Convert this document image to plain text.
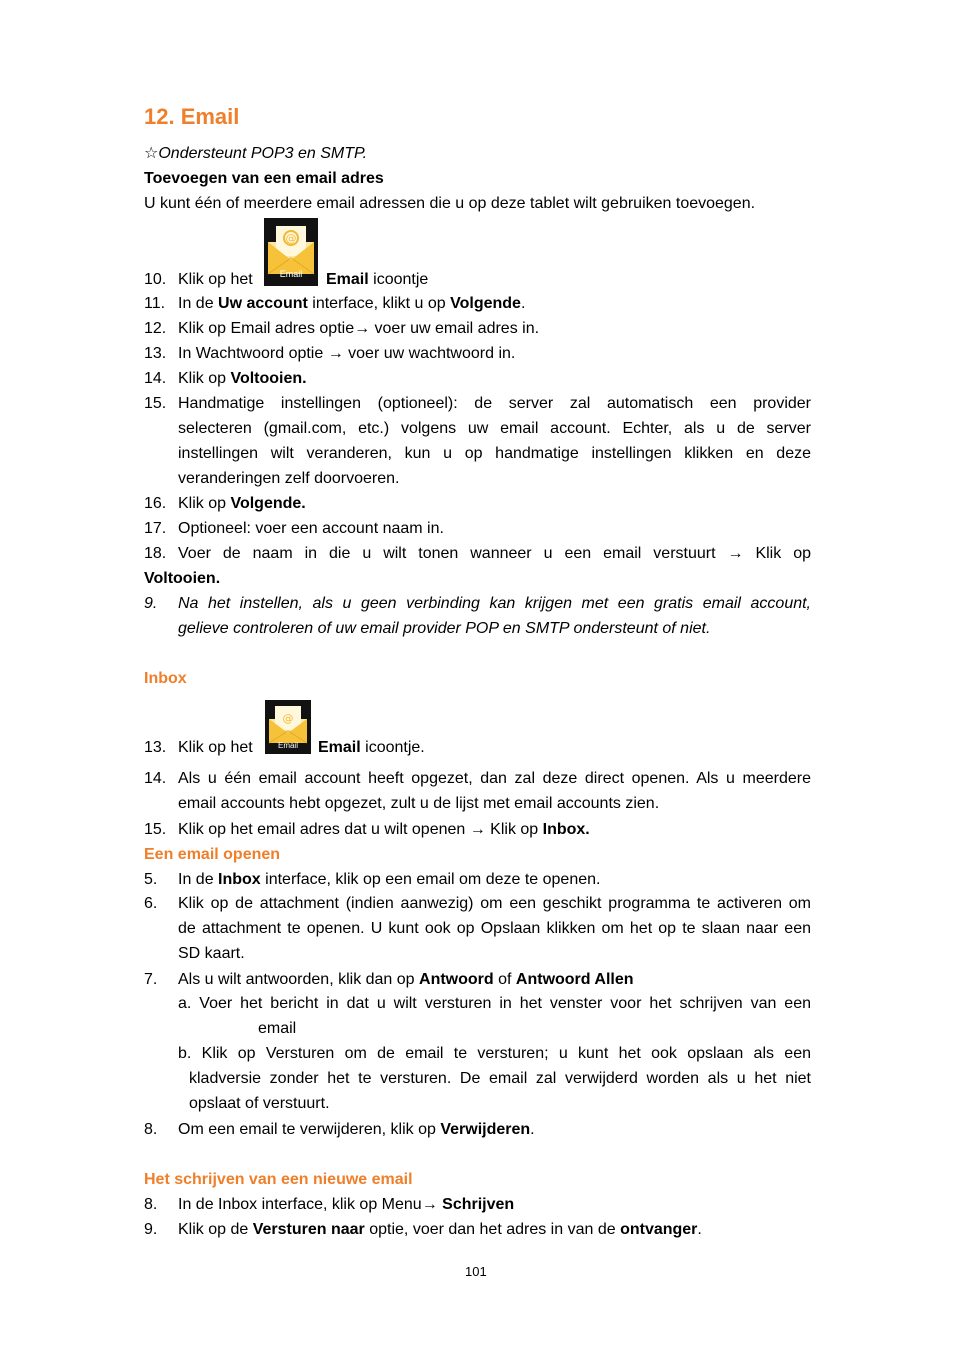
12. Email
☆Ondersteunt POP3 en SMTP.
Toevoegen van een email adres
U kunt één of meerdere email adressen die u op deze tablet wilt gebruiken toevoegen.
10. Klik op het
@
Email	Email icoontje
11. In de Uw account interface, klikt u op Volgende.
12. Klik op Email adres optie→ voer uw email adres in.
13. In Wachtwoord optie → voer uw wachtwoord in.
14. Klik op Voltooien.
15. Handmatige instellingen (optioneel): de server zal automatisch een provider
selecteren (gmail.com, etc.) volgens uw email account. Echter, als u de server
instellingen wilt veranderen, kun u op handmatige instellingen klikken en deze
veranderingen zelf doorvoeren.
16. Klik op Volgende.
17. Optioneel: voer een account naam in.
18. Voer de naam in die u wilt tonen wanneer u een email verstuurt → Klik op
Voltooien.
9. Na het instellen, als u geen verbinding kan krijgen met een gratis email account,
gelieve controleren of uw email provider POP en SMTP ondersteunt of niet.
Inbox
13. Klik op het
@
Email	Email icoontje.
14. Als u één email account heeft opgezet, dan zal deze direct openen. Als u meerdere
email accounts hebt opgezet, zult u de lijst met email accounts zien.
15. Klik op het email adres dat u wilt openen → Klik op Inbox.
Een email openen
5. In de Inbox interface, klik op een email om deze te openen.
6. Klik op de attachment (indien aanwezig) om een geschikt programma te activeren om
de attachment te openen. U kunt ook op Opslaan klikken om het op te slaan naar een
SD kaart.
7. Als u wilt antwoorden, klik dan op Antwoord of Antwoord Allen
a. Voer het bericht in dat u wilt versturen in het venster voor het schrijven van een
email
b. Klik op Versturen om de email te versturen; u kunt het ook opslaan als een
kladversie zonder het te versturen. De email zal verwijderd worden als u het niet
opslaat of verstuurt.
8. Om een email te verwijderen, klik op Verwijderen.
Het schrijven van een nieuwe email
8. In de Inbox interface, klik op Menu→ Schrijven
9. Klik op de Versturen naar optie, voer dan het adres in van de ontvanger.
101
